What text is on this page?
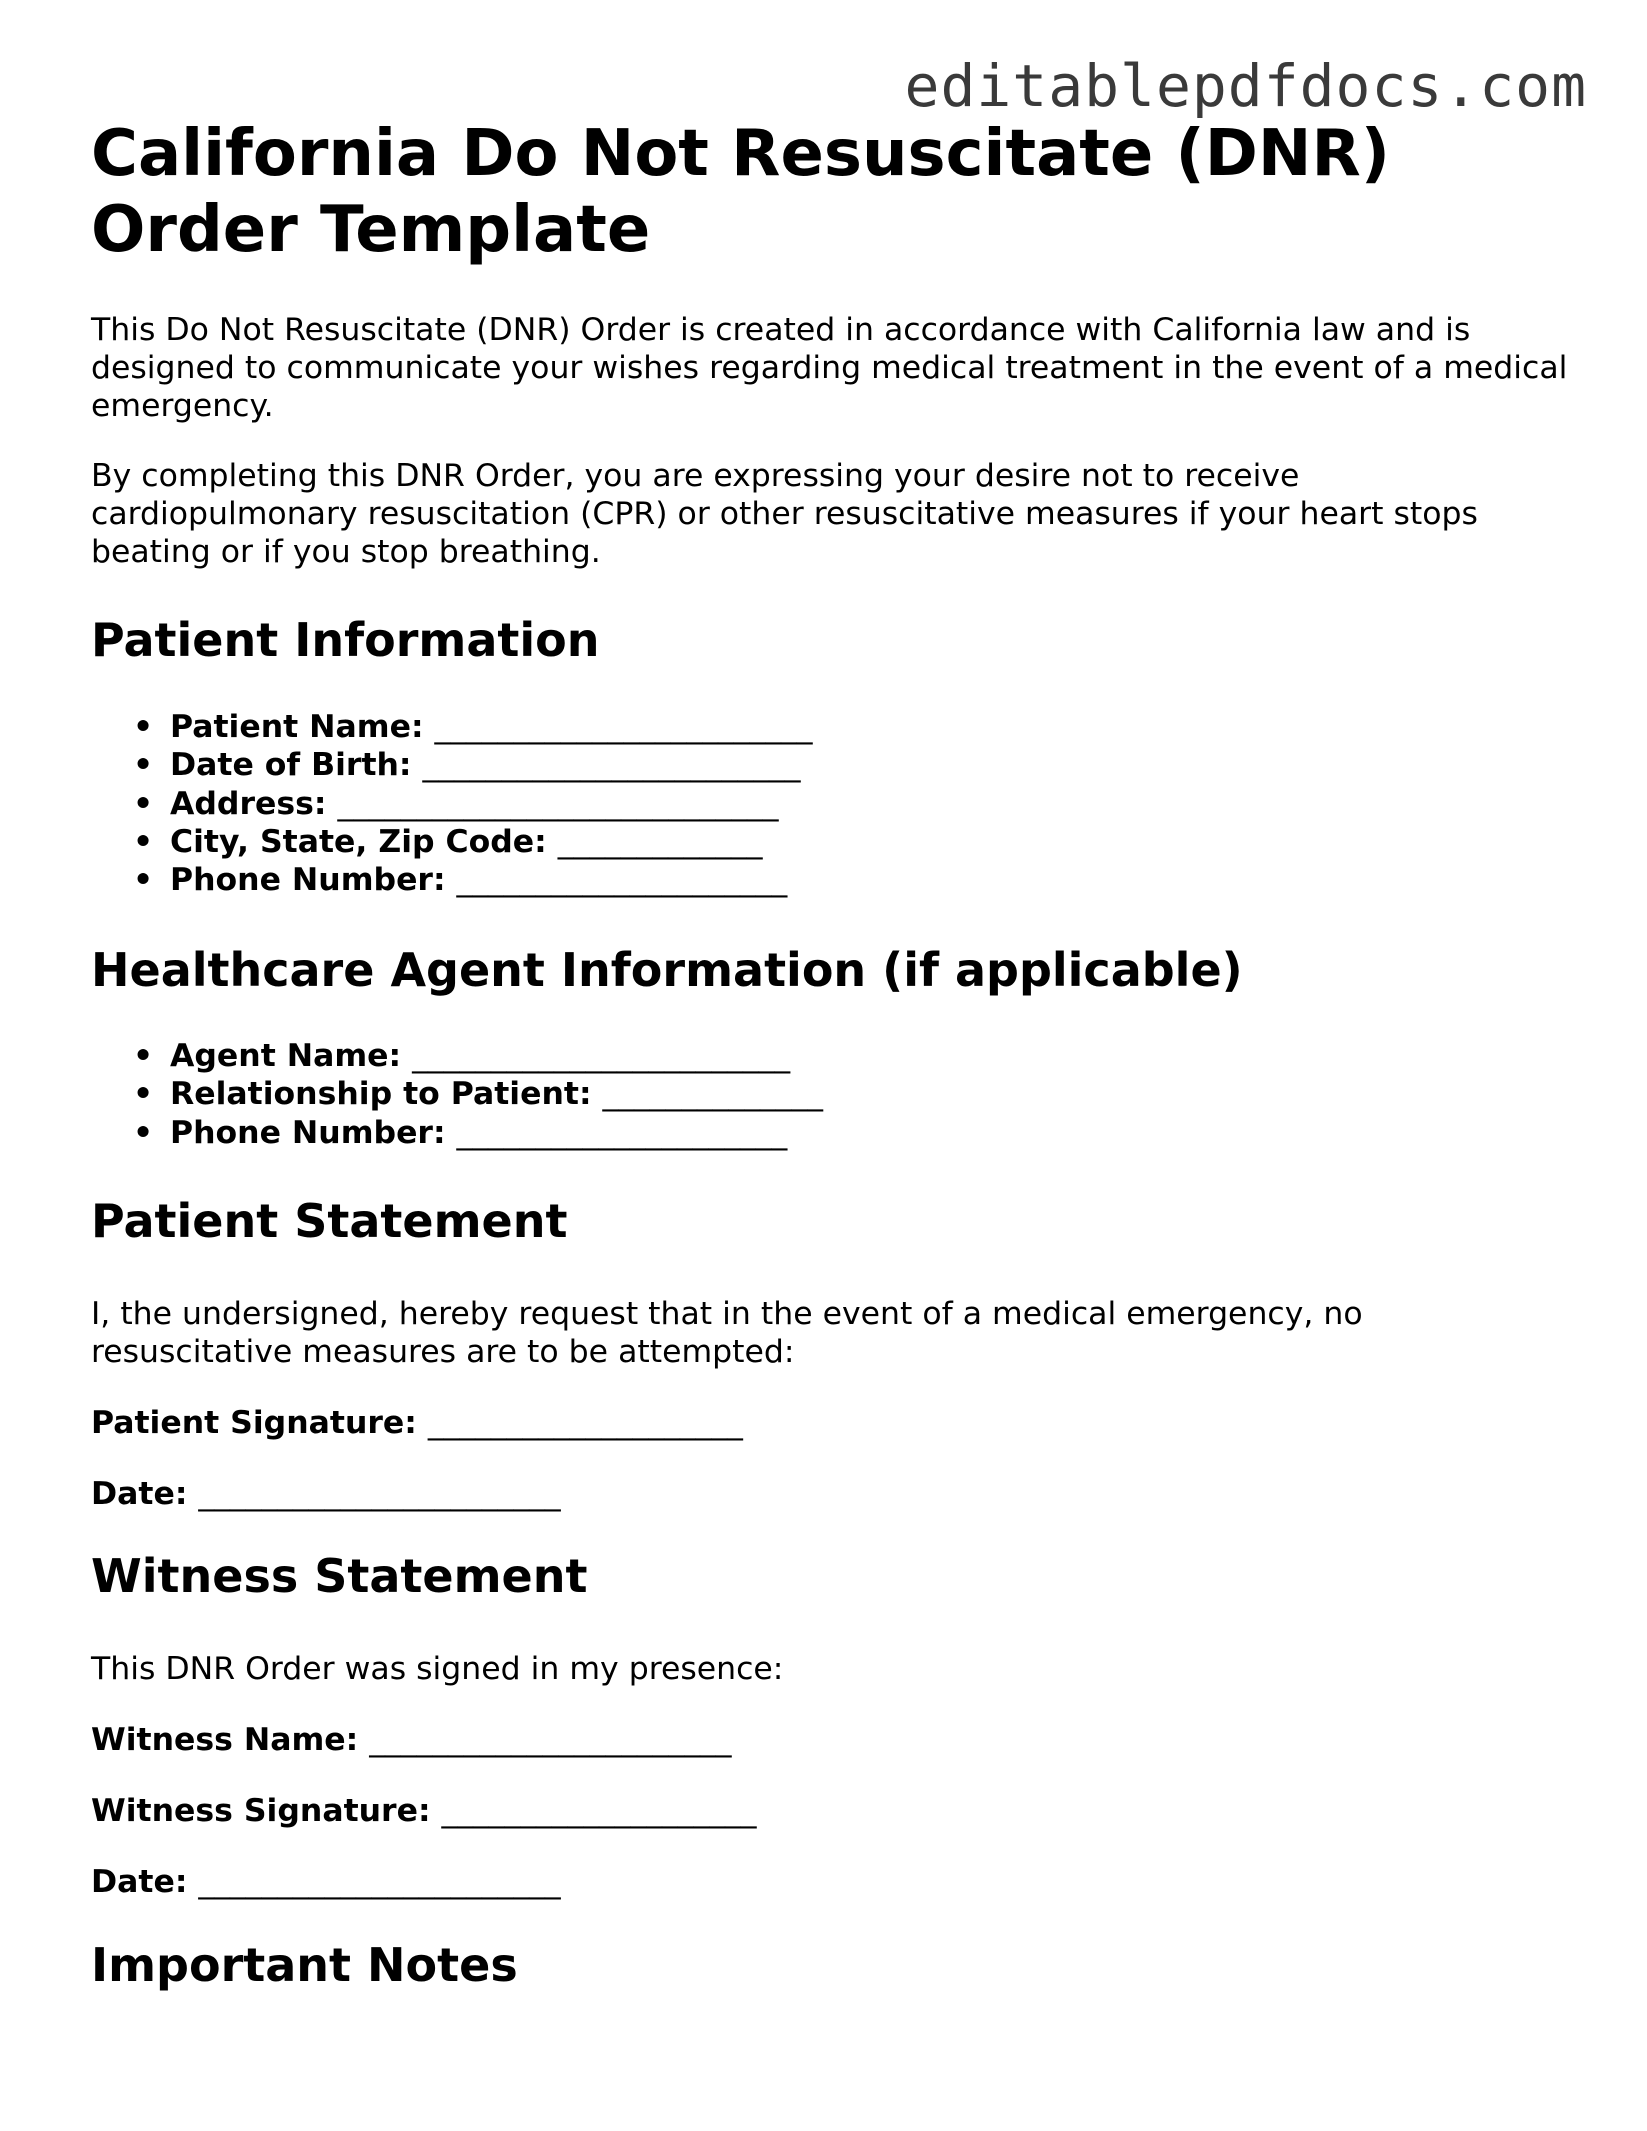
editablepdfdocs.com
California Do Not Resuscitate (DNR) Order Template

This Do Not Resuscitate (DNR) Order is created in accordance with California law and is designed to communicate your wishes regarding medical treatment in the event of a medical emergency.

By completing this DNR Order, you are expressing your desire not to receive cardiopulmonary resuscitation (CPR) or other resuscitative measures if your heart stops beating or if you stop breathing.

Patient Information
• Patient Name: ________________________
• Date of Birth: ________________________
• Address: ____________________________
• City, State, Zip Code: _____________
• Phone Number: _____________________
Healthcare Agent Information (if applicable)
• Agent Name: ________________________
• Relationship to Patient: ______________
• Phone Number: _____________________
Patient Statement

I, the undersigned, hereby request that in the event of a medical emergency, no resuscitative measures are to be attempted:

Patient Signature: ____________________
Date: _______________________
Witness Statement

This DNR Order was signed in my presence:

Witness Name: _______________________
Witness Signature: ____________________
Date: _______________________
Important Notes
